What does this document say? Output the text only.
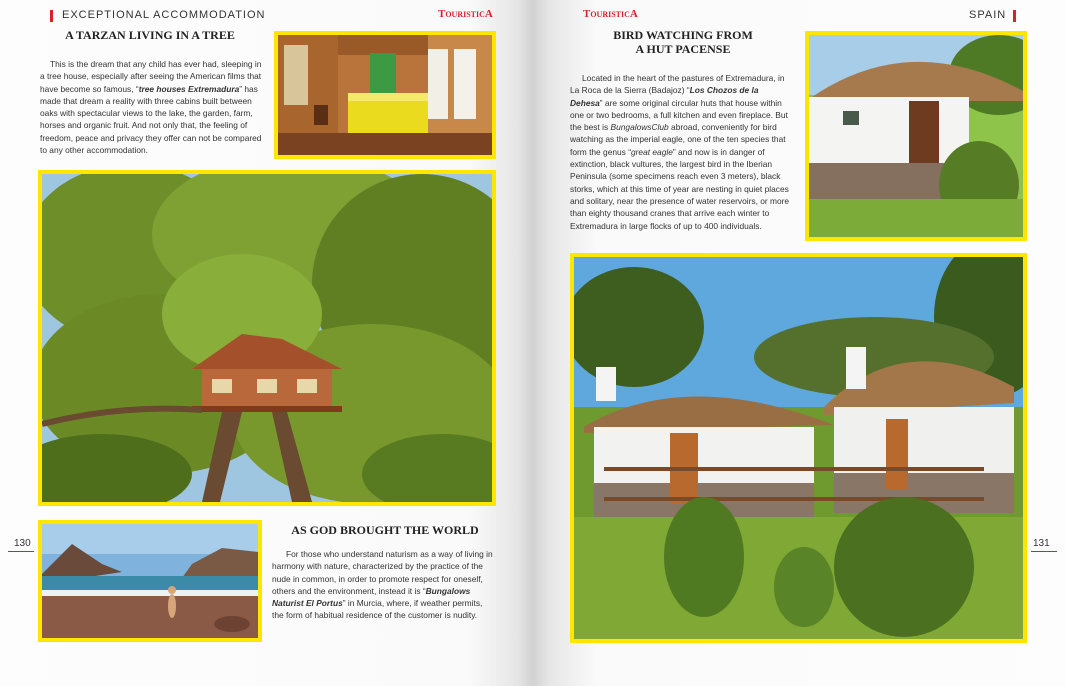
EXCEPTIONAL ACCOMMODATION	TouristicA
A TARZAN LIVING IN A TREE
This is the dream that any child has ever had, sleeping in a tree house, especially after seeing the American films that have become so famous, “tree houses Extremadura” has made that dream a reality with three cabins built between oaks with spectacular views to the lake, the garden, farm, horses and organic fruit. And not only that, the feeling of freedom, peace and privacy they offer can not be compared to any other accommodation.
AS GOD BROUGHT THE WORLD
For those who understand naturism as a way of living in harmony with nature, characterized by the practice of the nude in common, in order to promote respect for oneself, others and the environment, instead it is “Bungalows Naturist El Portus” in Murcia, where, if weather permits, the form of habitual residence of the customer is nudity.
130
TouristicA	SPAIN
BIRD WATCHING FROM
A HUT PACENSE
Located in the heart of the pastures of Extremadura, in La Roca de la Sierra (Badajoz) “Los Chozos de la Dehesa” are some original circular huts that house within one or two bedrooms, a full kitchen and even fireplace. But the best is BungalowsClub abroad, conveniently for bird watching as the imperial eagle, one of the ten species that form the genus “great eagle” and now is in danger of extinction, black vultures, the largest bird in the Iberian Peninsula (some specimens reach even 3 meters), black storks, which at this time of year are nesting in quiet places and solitary, near the presence of water reservoirs, or more than eighty thousand cranes that arrive each winter to Extremadura in large flocks of up to 400 individuals.
131
